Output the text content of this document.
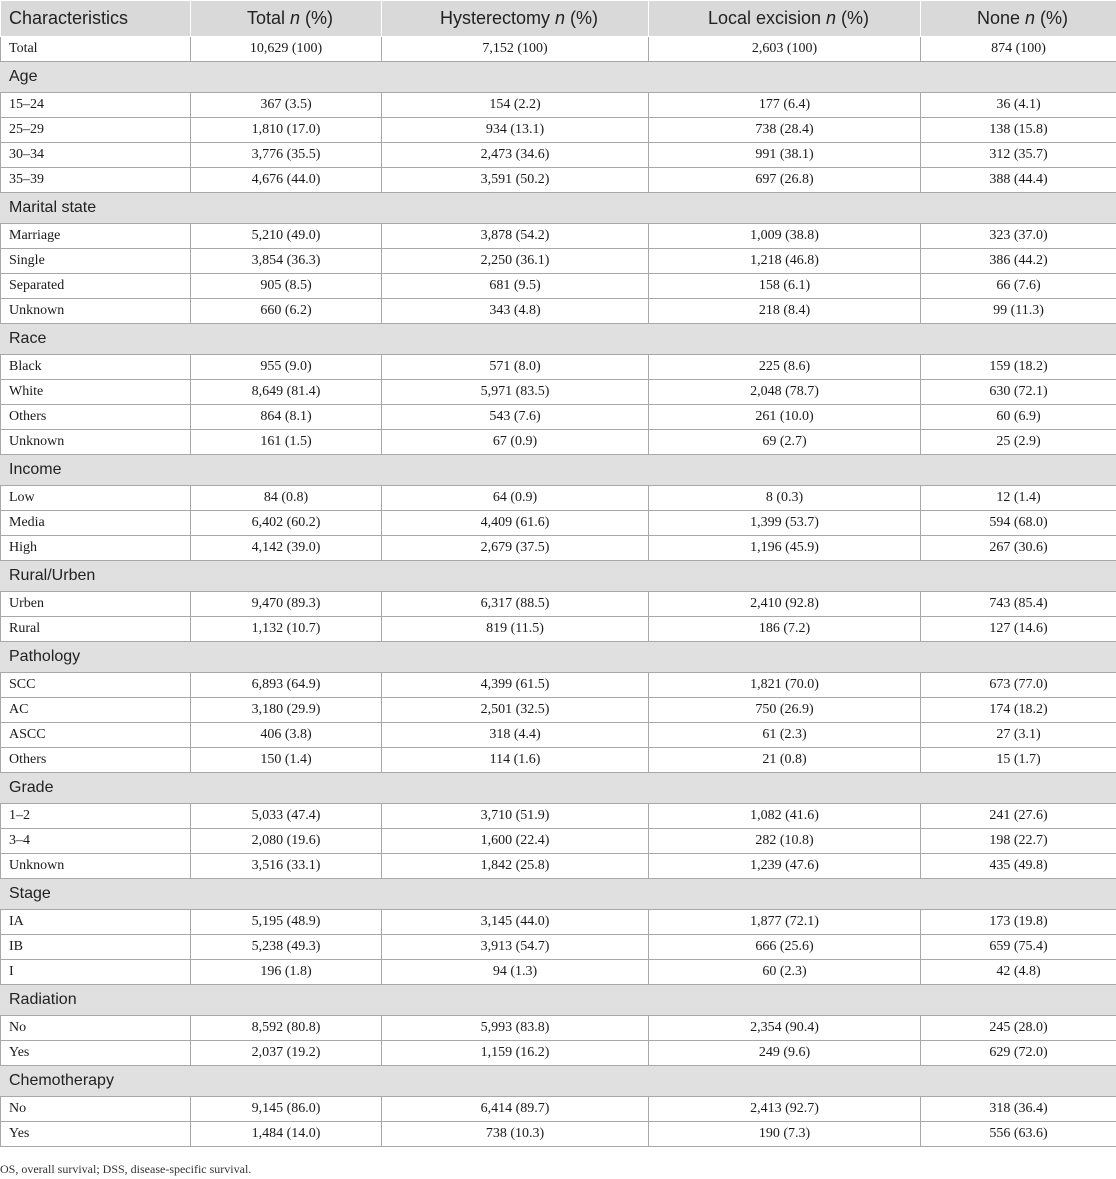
Characteristics	Total n (%)	Hysterectomy n (%)	Local excision n (%)	None n (%)
Total	10,629 (100)	7,152 (100)	2,603 (100)	874 (100)
Age				
15–24	367 (3.5)	154 (2.2)	177 (6.4)	36 (4.1)
25–29	1,810 (17.0)	934 (13.1)	738 (28.4)	138 (15.8)
30–34	3,776 (35.5)	2,473 (34.6)	991 (38.1)	312 (35.7)
35–39	4,676 (44.0)	3,591 (50.2)	697 (26.8)	388 (44.4)
Marital state				
Marriage	5,210 (49.0)	3,878 (54.2)	1,009 (38.8)	323 (37.0)
Single	3,854 (36.3)	2,250 (36.1)	1,218 (46.8)	386 (44.2)
Separated	905 (8.5)	681 (9.5)	158 (6.1)	66 (7.6)
Unknown	660 (6.2)	343 (4.8)	218 (8.4)	99 (11.3)
Race				
Black	955 (9.0)	571 (8.0)	225 (8.6)	159 (18.2)
White	8,649 (81.4)	5,971 (83.5)	2,048 (78.7)	630 (72.1)
Others	864 (8.1)	543 (7.6)	261 (10.0)	60 (6.9)
Unknown	161 (1.5)	67 (0.9)	69 (2.7)	25 (2.9)
Income				
Low	84 (0.8)	64 (0.9)	8 (0.3)	12 (1.4)
Media	6,402 (60.2)	4,409 (61.6)	1,399 (53.7)	594 (68.0)
High	4,142 (39.0)	2,679 (37.5)	1,196 (45.9)	267 (30.6)
Rural/Urben				
Urben	9,470 (89.3)	6,317 (88.5)	2,410 (92.8)	743 (85.4)
Rural	1,132 (10.7)	819 (11.5)	186 (7.2)	127 (14.6)
Pathology				
SCC	6,893 (64.9)	4,399 (61.5)	1,821 (70.0)	673 (77.0)
AC	3,180 (29.9)	2,501 (32.5)	750 (26.9)	174 (18.2)
ASCC	406 (3.8)	318 (4.4)	61 (2.3)	27 (3.1)
Others	150 (1.4)	114 (1.6)	21 (0.8)	15 (1.7)
Grade				
1–2	5,033 (47.4)	3,710 (51.9)	1,082 (41.6)	241 (27.6)
3–4	2,080 (19.6)	1,600 (22.4)	282 (10.8)	198 (22.7)
Unknown	3,516 (33.1)	1,842 (25.8)	1,239 (47.6)	435 (49.8)
Stage				
IA	5,195 (48.9)	3,145 (44.0)	1,877 (72.1)	173 (19.8)
IB	5,238 (49.3)	3,913 (54.7)	666 (25.6)	659 (75.4)
I	196 (1.8)	94 (1.3)	60 (2.3)	42 (4.8)
Radiation				
No	8,592 (80.8)	5,993 (83.8)	2,354 (90.4)	245 (28.0)
Yes	2,037 (19.2)	1,159 (16.2)	249 (9.6)	629 (72.0)
Chemotherapy				
No	9,145 (86.0)	6,414 (89.7)	2,413 (92.7)	318 (36.4)
Yes	1,484 (14.0)	738 (10.3)	190 (7.3)	556 (63.6)
OS, overall survival; DSS, disease-specific survival.
